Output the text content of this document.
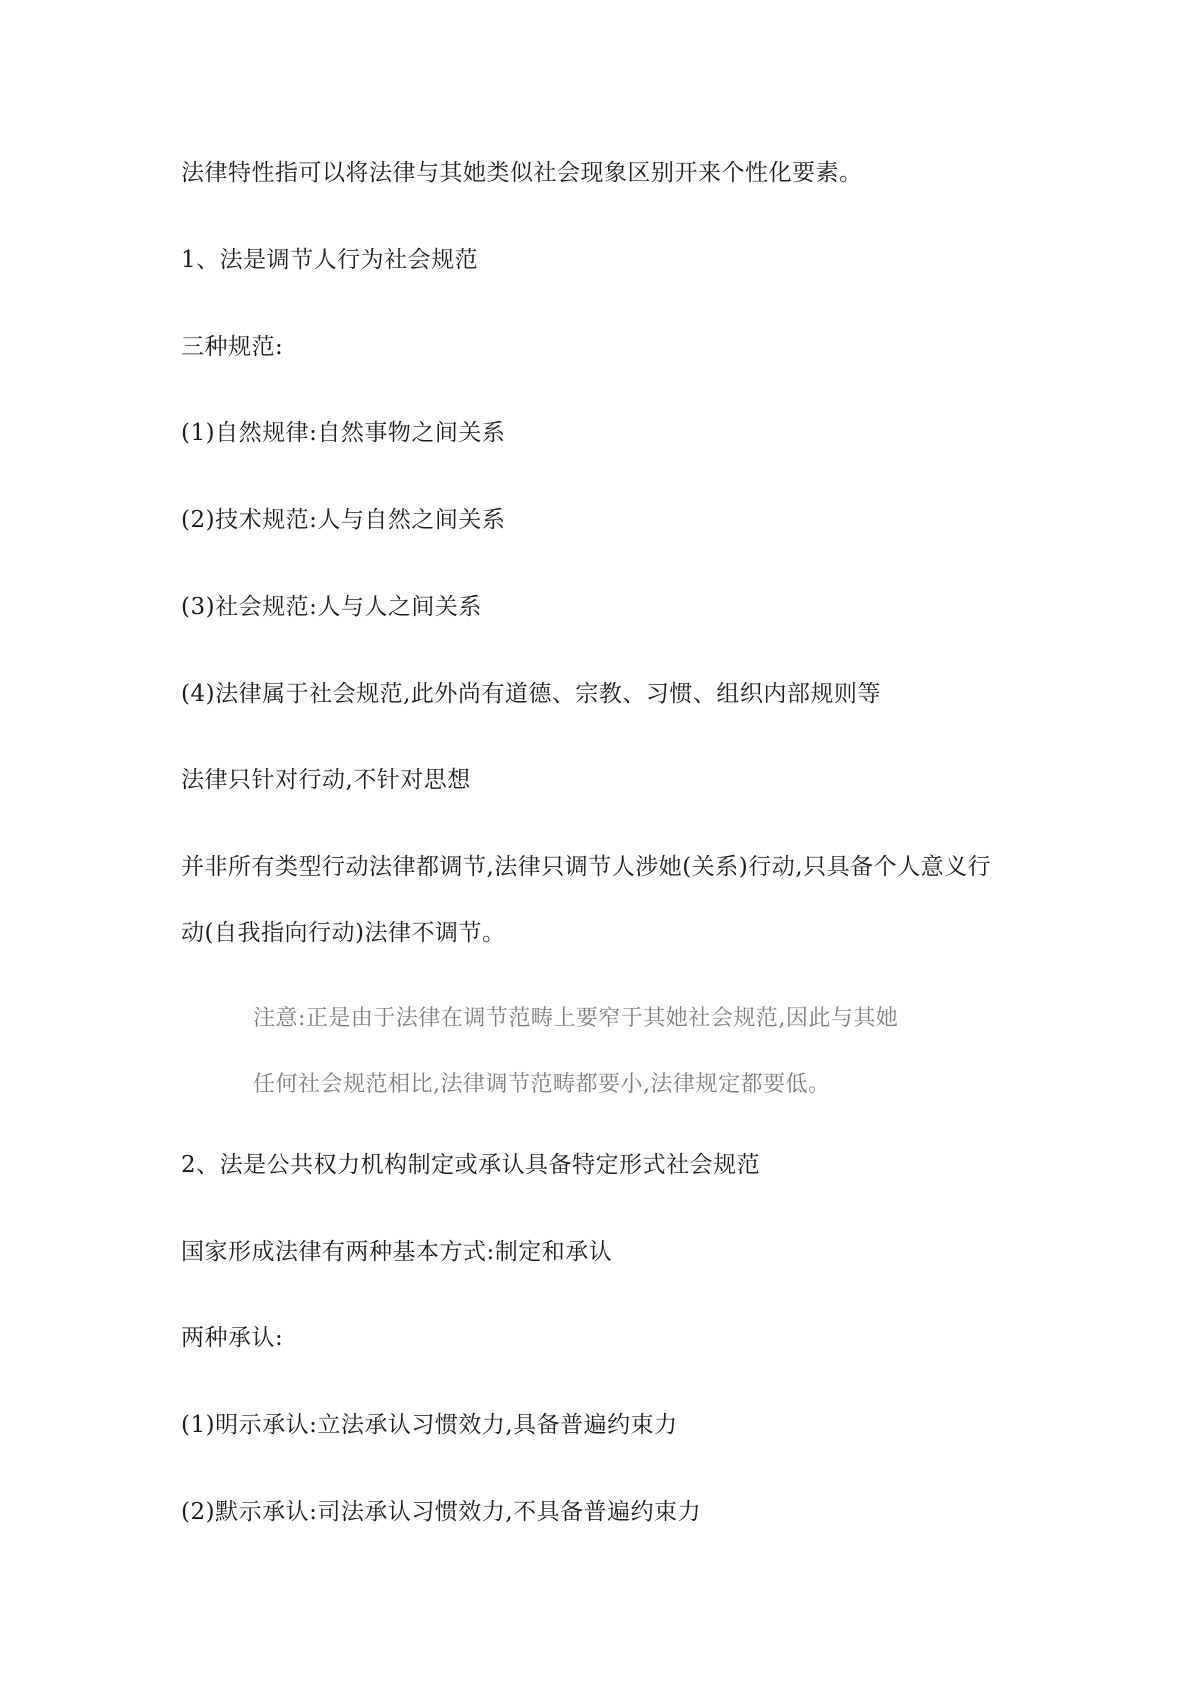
法律特性指可以将法律与其她类似社会现象区别开来个性化要素。
1、法是调节人行为社会规范
三种规范:
(1)自然规律:自然事物之间关系
(2)技术规范:人与自然之间关系
(3)社会规范:人与人之间关系
(4)法律属于社会规范,此外尚有道德、宗教、习惯、组织内部规则等
法律只针对行动,不针对思想
并非所有类型行动法律都调节,法律只调节人涉她(关系)行动,只具备个人意义行
动(自我指向行动)法律不调节。
注意:正是由于法律在调节范畴上要窄于其她社会规范,因此与其她
任何社会规范相比,法律调节范畴都要小,法律规定都要低。
2、法是公共权力机构制定或承认具备特定形式社会规范
国家形成法律有两种基本方式:制定和承认
两种承认:
(1)明示承认:立法承认习惯效力,具备普遍约束力
(2)默示承认:司法承认习惯效力,不具备普遍约束力
